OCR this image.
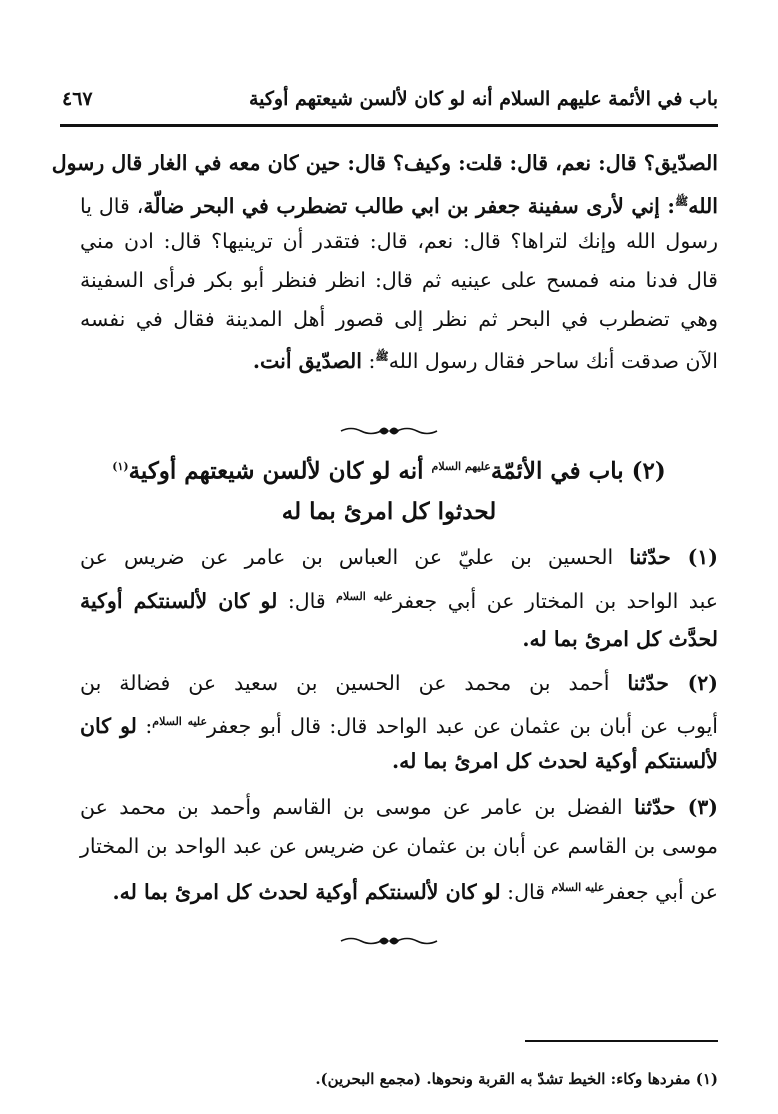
باب في الأئمة عليهم السلام أنه لو كان لألسن شيعتهم أوكية
٤٦٧
الصدّيق؟ قال: نعم، قال: قلت: وكيف؟ قال: حين كان معه في الغار قال رسول
الله$^ﷺ$: إني لأرى سفينة جعفر بن ابي طالب تضطرب في البحر ضالّة، قال يا
رسول الله وإنك لتراها؟ قال: نعم، قال: فتقدر أن ترينيها؟ قال: ادن مني
قال فدنا منه فمسح على عينيه ثم قال: انظر فنظر أبو بكر فرأى السفينة
وهي تضطرب في البحر ثم نظر إلى قصور أهل المدينة فقال في نفسه
الآن صدقت أنك ساحر فقال رسول الله$^ﷺ$: الصدّيق أنت.
(٢) باب في الأئمّة$^{عليهم السلام}$ أنه لو كان لألسن شيعتهم أوكية$^{(١)}$
لحدثوا كل امرئ بما له
(١) حدّثنا الحسين بن عليّ عن العباس بن عامر عن ضريس عن
عبد الواحد بن المختار عن أبي جعفر$^{عليه السلام}$ قال: لو كان لألسنتكم أوكية
لحدَّث كل امرئ بما له.
(٢) حدّثنا أحمد بن محمد عن الحسين بن سعيد عن فضالة بن
أيوب عن أبان بن عثمان عن عبد الواحد قال: قال أبو جعفر$^{عليه السلام}$: لو كان
لألسنتكم أوكية لحدث كل امرئ بما له.
(٣) حدّثنا الفضل بن عامر عن موسى بن القاسم وأحمد بن محمد عن
موسى بن القاسم عن أبان بن عثمان عن ضريس عن عبد الواحد بن المختار
عن أبي جعفر$^{عليه السلام}$ قال: لو كان لألسنتكم أوكية لحدث كل امرئ بما له.
(١) مفردها وكاء: الخيط تشدّ به القربة ونحوها. (مجمع البحرين).
